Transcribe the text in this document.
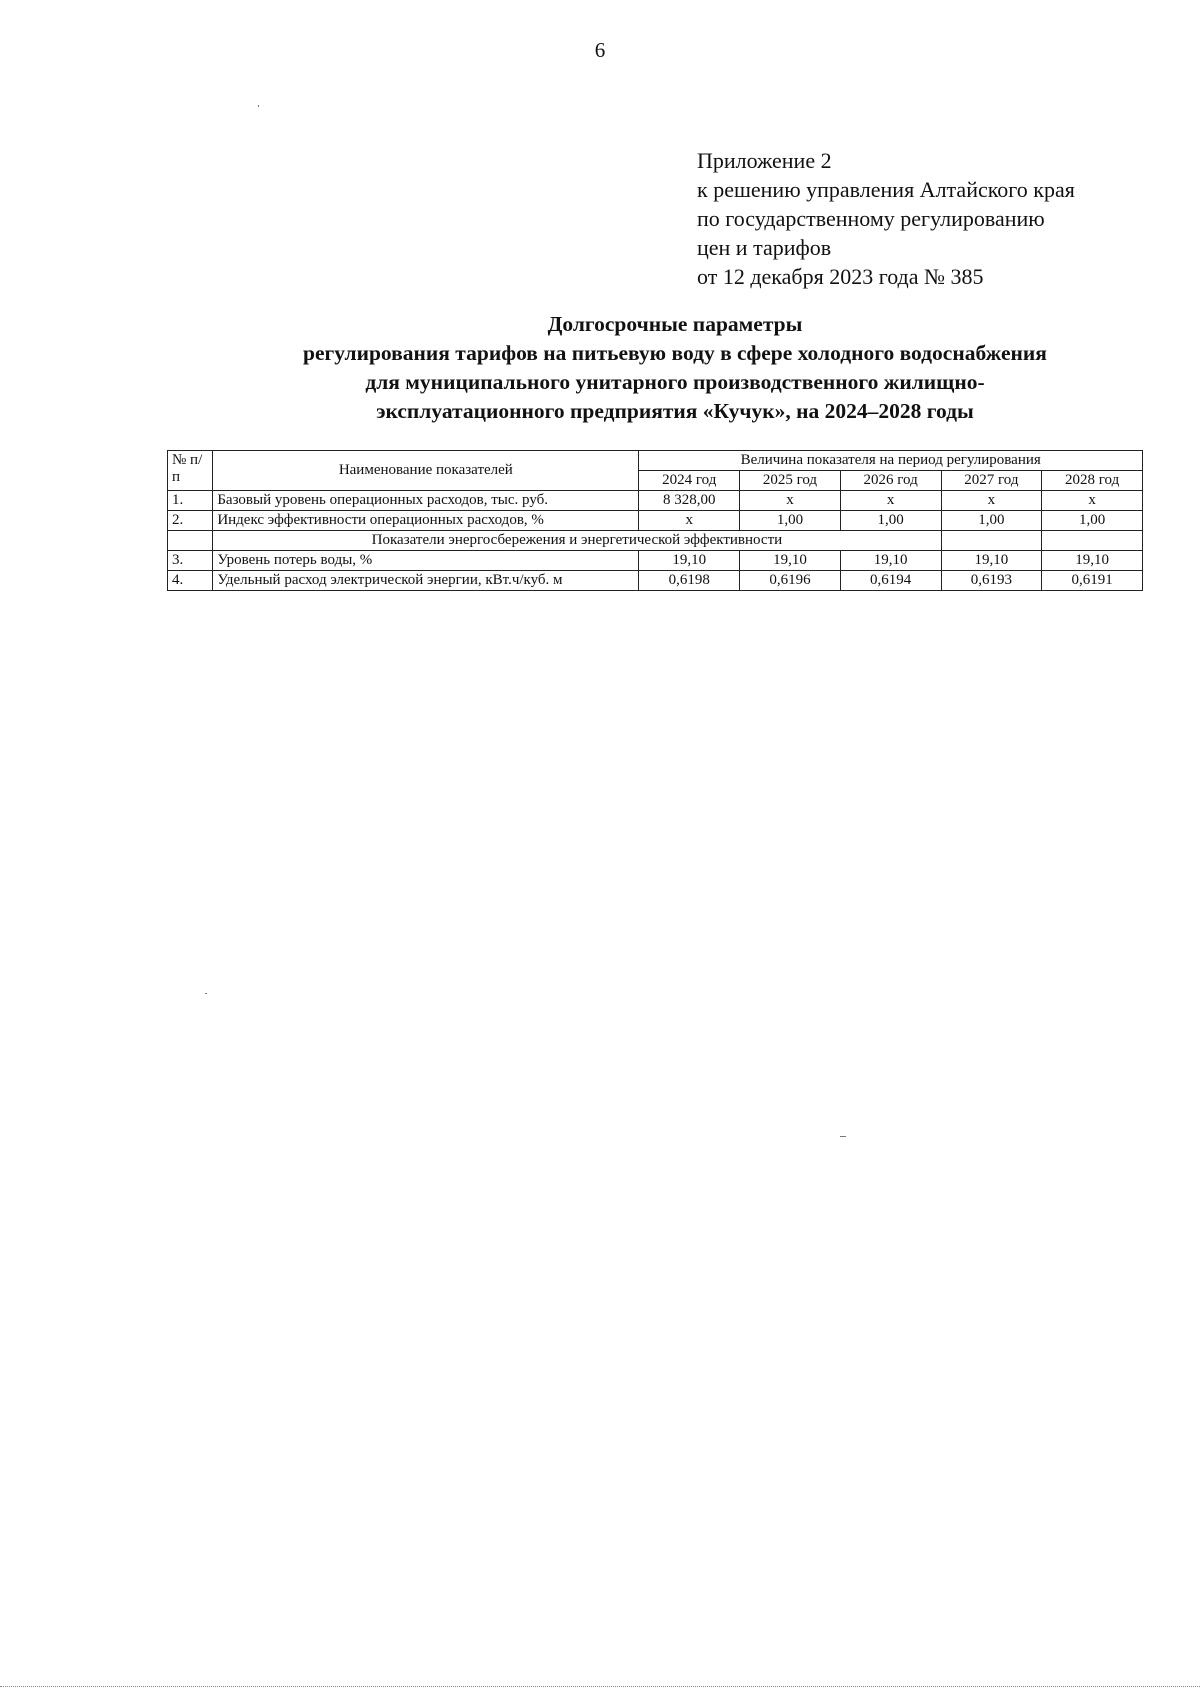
6
Приложение 2
к решению управления Алтайского края
по государственному регулированию
цен и тарифов
от 12 декабря 2023 года № 385
Долгосрочные параметры
регулирования тарифов на питьевую воду в сфере холодного водоснабжения
для муниципального унитарного производственного жилищно-
эксплуатационного предприятия «Кучук», на 2024–2028 годы
№ п/ п	Наименование показателей	Величина показателя на период регулирования				
		2024 год	2025 год	2026 год	2027 год	2028 год
1.	Базовый уровень операционных расходов, тыс. руб.	8 328,00	х	х	х	х
2.	Индекс эффективности операционных расходов, %	х	1,00	1,00	1,00	1,00
	Показатели энергосбережения и энергетической эффективности					
3.	Уровень потерь воды, %	19,10	19,10	19,10	19,10	19,10
4.	Удельный расход электрической энергии, кВт.ч/куб. м	0,6198	0,6196	0,6194	0,6193	0,6191
